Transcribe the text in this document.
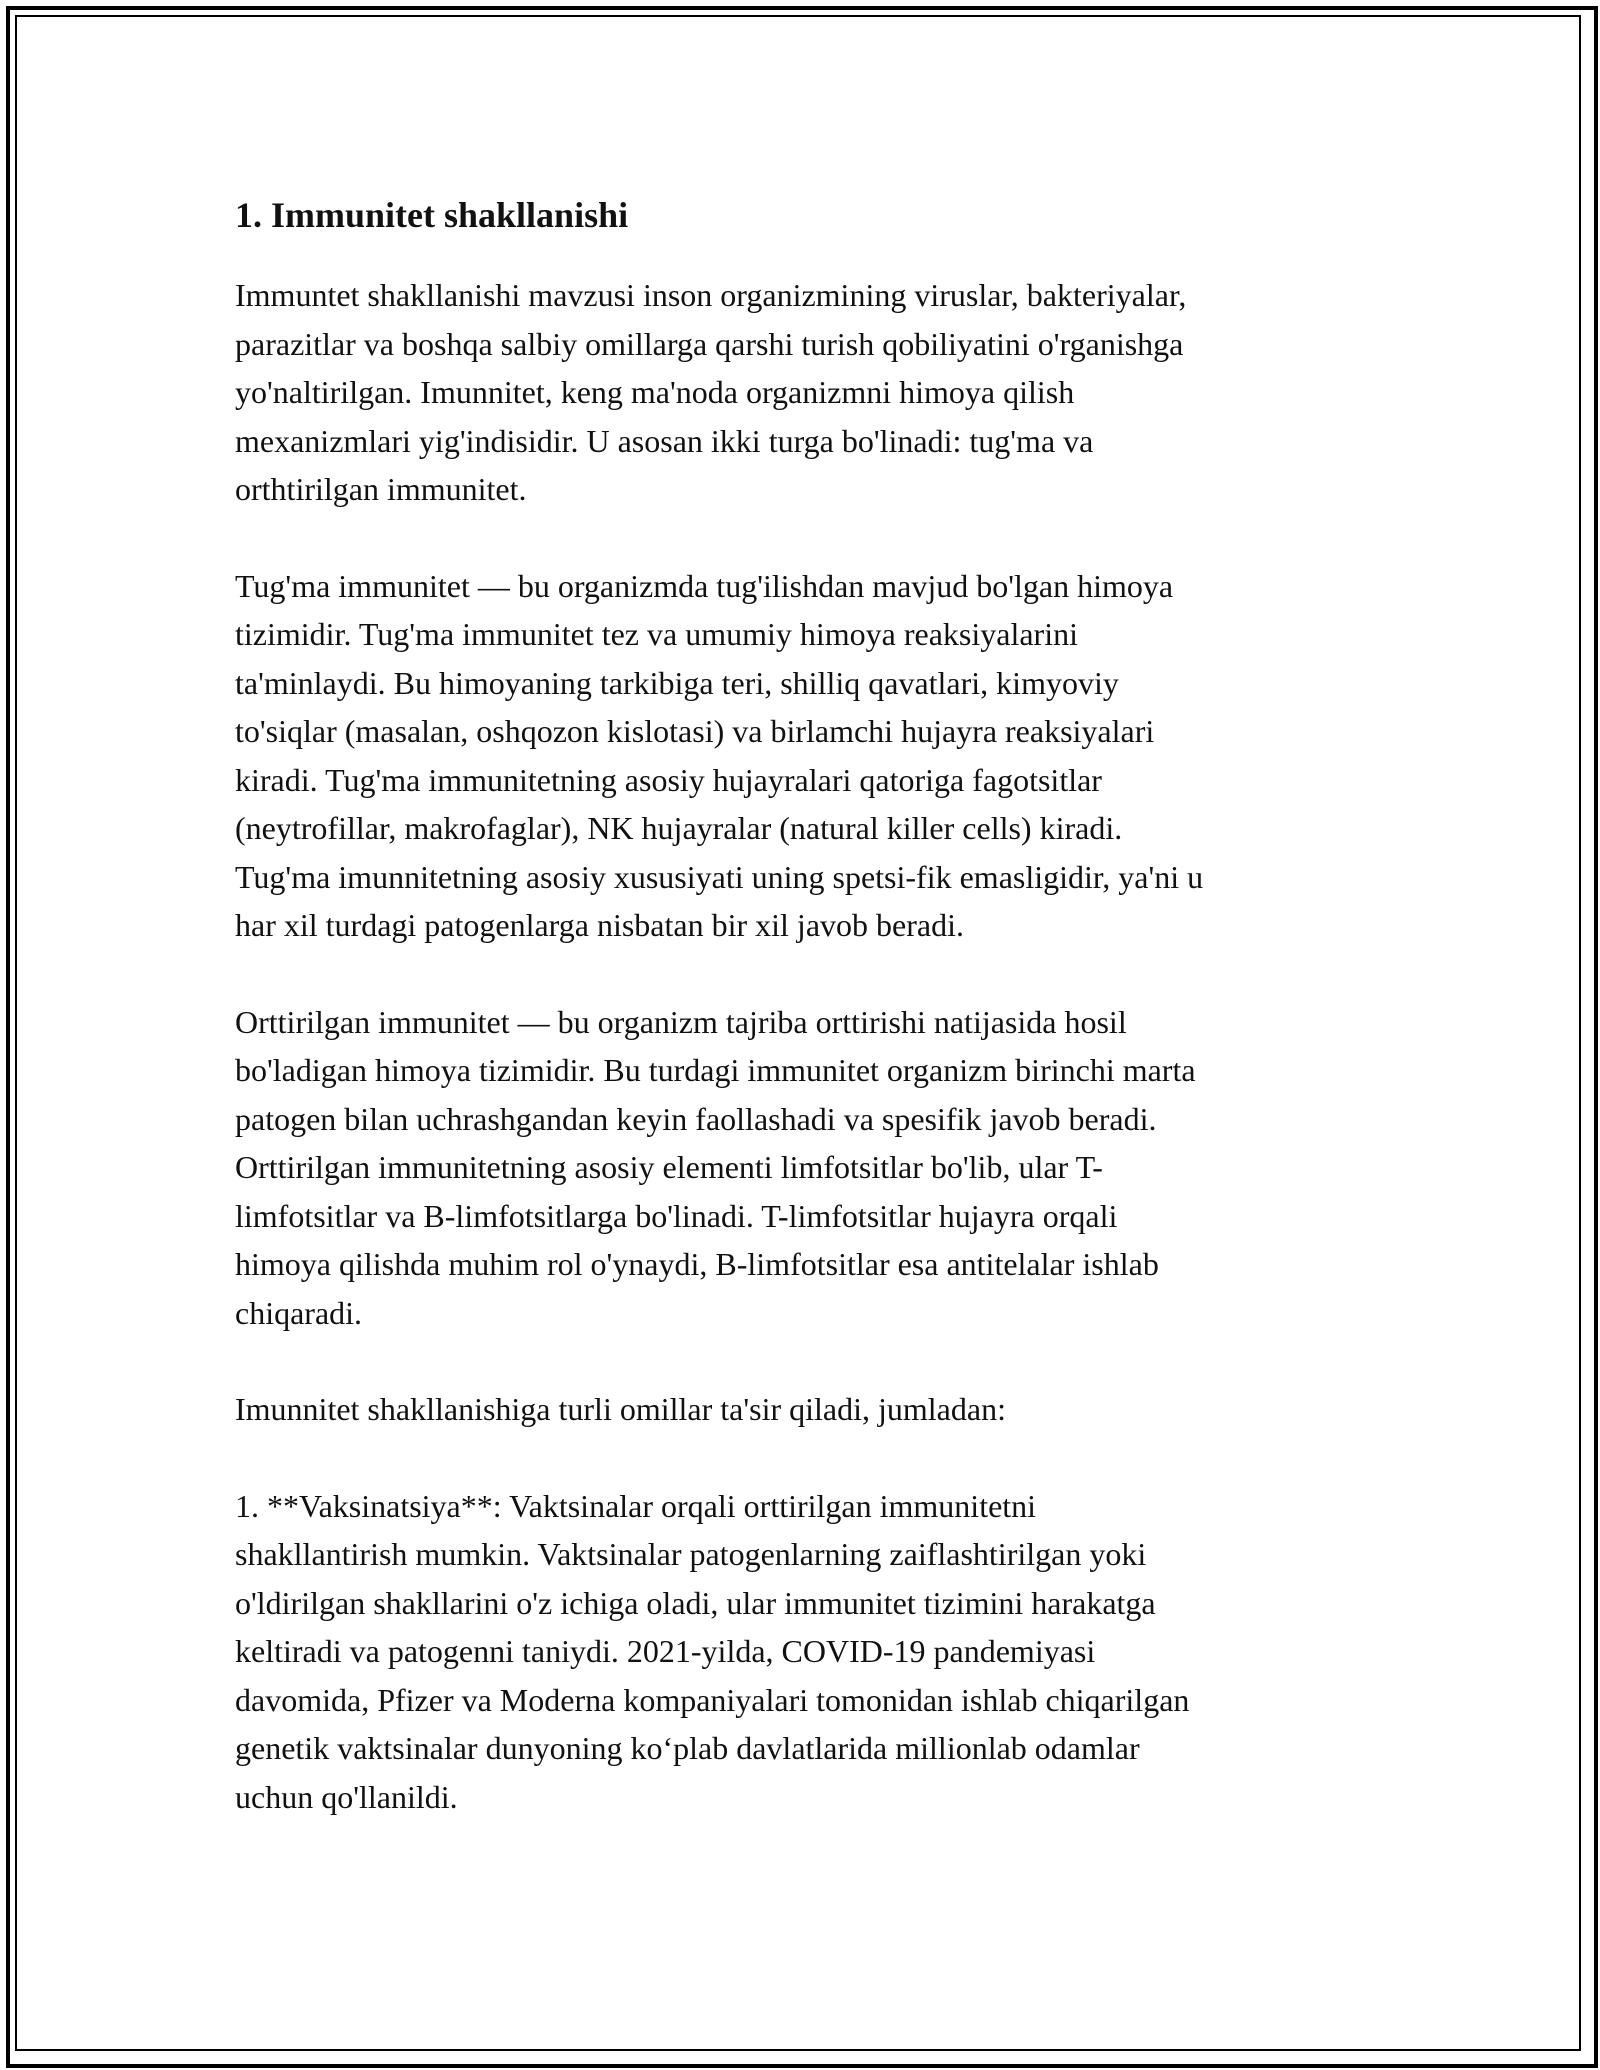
1. Immunitet shakllanishi

Immuntet shakllanishi mavzusi inson organizmining viruslar, bakteriyalar,
parazitlar va boshqa salbiy omillarga qarshi turish qobiliyatini o'rganishga
yo'naltirilgan. Imunnitet, keng ma'noda organizmni himoya qilish
mexanizmlari yig'indisidir. U asosan ikki turga bo'linadi: tug'ma va
orthtirilgan immunitet.

Tug'ma immunitet — bu organizmda tug'ilishdan mavjud bo'lgan himoya
tizimidir. Tug'ma immunitet tez va umumiy himoya reaksiyalarini
ta'minlaydi. Bu himoyaning tarkibiga teri, shilliq qavatlari, kimyoviy
to'siqlar (masalan, oshqozon kislotasi) va birlamchi hujayra reaksiyalari
kiradi. Tug'ma immunitetning asosiy hujayralari qatoriga fagotsitlar
(neytrofillar, makrofaglar), NK hujayralar (natural killer cells) kiradi.
Tug'ma imunnitetning asosiy xususiyati uning spetsi-fik emasligidir, ya'ni u
har xil turdagi patogenlarga nisbatan bir xil javob beradi.

Orttirilgan immunitet — bu organizm tajriba orttirishi natijasida hosil
bo'ladigan himoya tizimidir. Bu turdagi immunitet organizm birinchi marta
patogen bilan uchrashgandan keyin faollashadi va spesifik javob beradi.
Orttirilgan immunitetning asosiy elementi limfotsitlar bo'lib, ular T-
limfotsitlar va B-limfotsitlarga bo'linadi. T-limfotsitlar hujayra orqali
himoya qilishda muhim rol o'ynaydi, B-limfotsitlar esa antitelalar ishlab
chiqaradi.

Imunnitet shakllanishiga turli omillar ta'sir qiladi, jumladan:

1. **Vaksinatsiya**: Vaktsinalar orqali orttirilgan immunitetni
shakllantirish mumkin. Vaktsinalar patogenlarning zaiflashtirilgan yoki
o'ldirilgan shakllarini o'z ichiga oladi, ular immunitet tizimini harakatga
keltiradi va patogenni taniydi. 2021-yilda, COVID-19 pandemiyasi
davomida, Pfizer va Moderna kompaniyalari tomonidan ishlab chiqarilgan
genetik vaktsinalar dunyoning ko‘plab davlatlarida millionlab odamlar
uchun qo'llanildi.
